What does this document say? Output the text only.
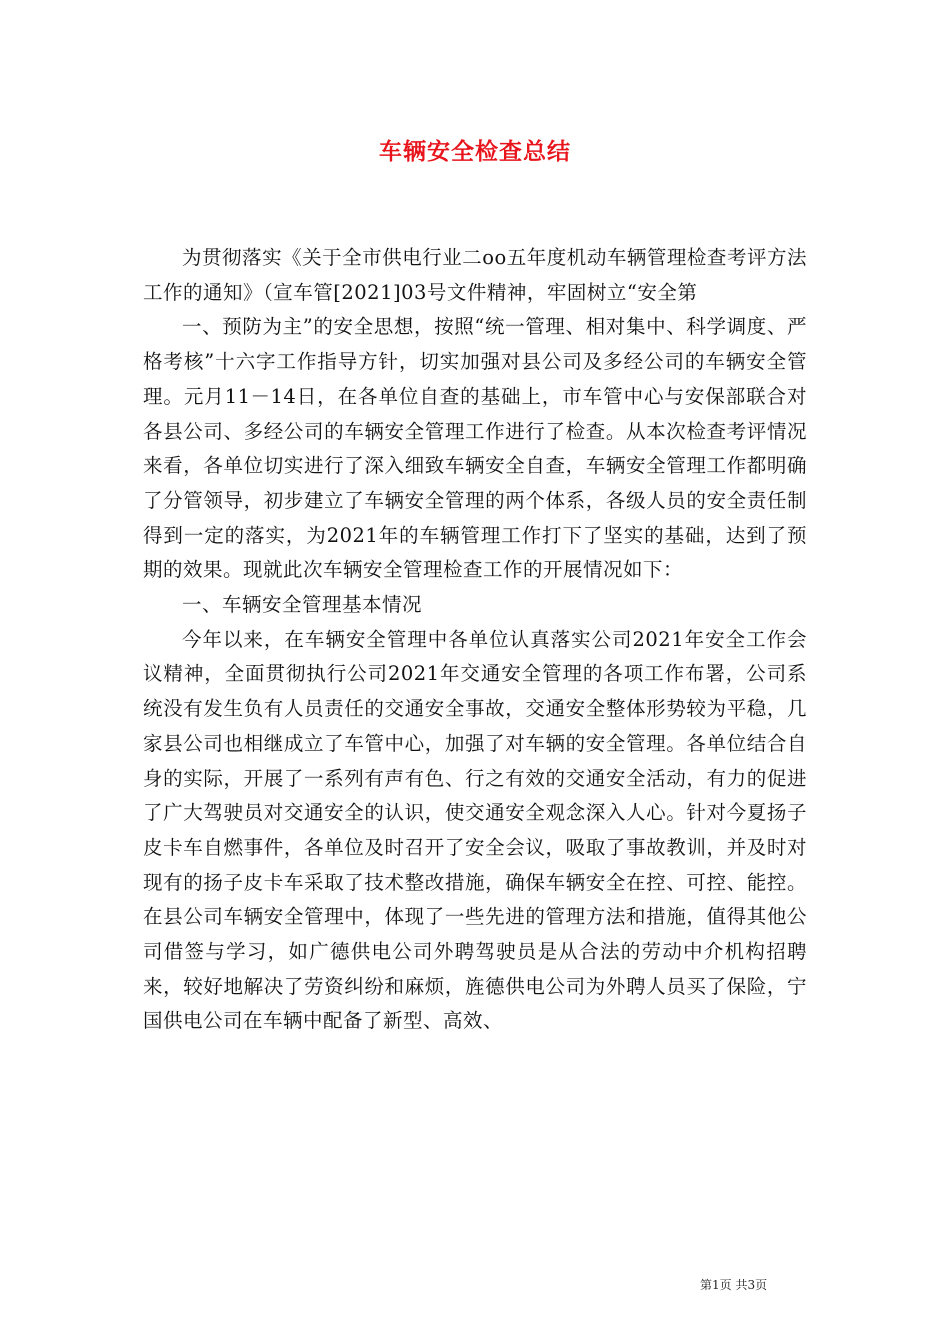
车辆安全检查总结

为贯彻落实《关于全市供电行业二oo五年度机动车辆管理检查考评方法工作的通知》（宣车管[2021]03号文件精神，牢固树立“安全第

一、预防为主”的安全思想，按照“统一管理、相对集中、科学调度、严格考核”十六字工作指导方针，切实加强对县公司及多经公司的车辆安全管理。元月11－14日，在各单位自查的基础上，市车管中心与安保部联合对各县公司、多经公司的车辆安全管理工作进行了检查。从本次检查考评情况来看，各单位切实进行了深入细致车辆安全自查，车辆安全管理工作都明确了分管领导，初步建立了车辆安全管理的两个体系，各级人员的安全责任制得到一定的落实，为2021年的车辆管理工作打下了坚实的基础，达到了预期的效果。现就此次车辆安全管理检查工作的开展情况如下：

一、车辆安全管理基本情况

今年以来，在车辆安全管理中各单位认真落实公司2021年安全工作会议精神，全面贯彻执行公司2021年交通安全管理的各项工作布署，公司系统没有发生负有人员责任的交通安全事故，交通安全整体形势较为平稳，几家县公司也相继成立了车管中心，加强了对车辆的安全管理。各单位结合自身的实际，开展了一系列有声有色、行之有效的交通安全活动，有力的促进了广大驾驶员对交通安全的认识，使交通安全观念深入人心。针对今夏扬子皮卡车自燃事件，各单位及时召开了安全会议，吸取了事故教训，并及时对现有的扬子皮卡车采取了技术整改措施，确保车辆安全在控、可控、能控。在县公司车辆安全管理中，体现了一些先进的管理方法和措施，值得其他公司借签与学习，如广德供电公司外聘驾驶员是从合法的劳动中介机构招聘来，较好地解决了劳资纠纷和麻烦，旌德供电公司为外聘人员买了保险，宁国供电公司在车辆中配备了新型、高效、

第1页 共3页
